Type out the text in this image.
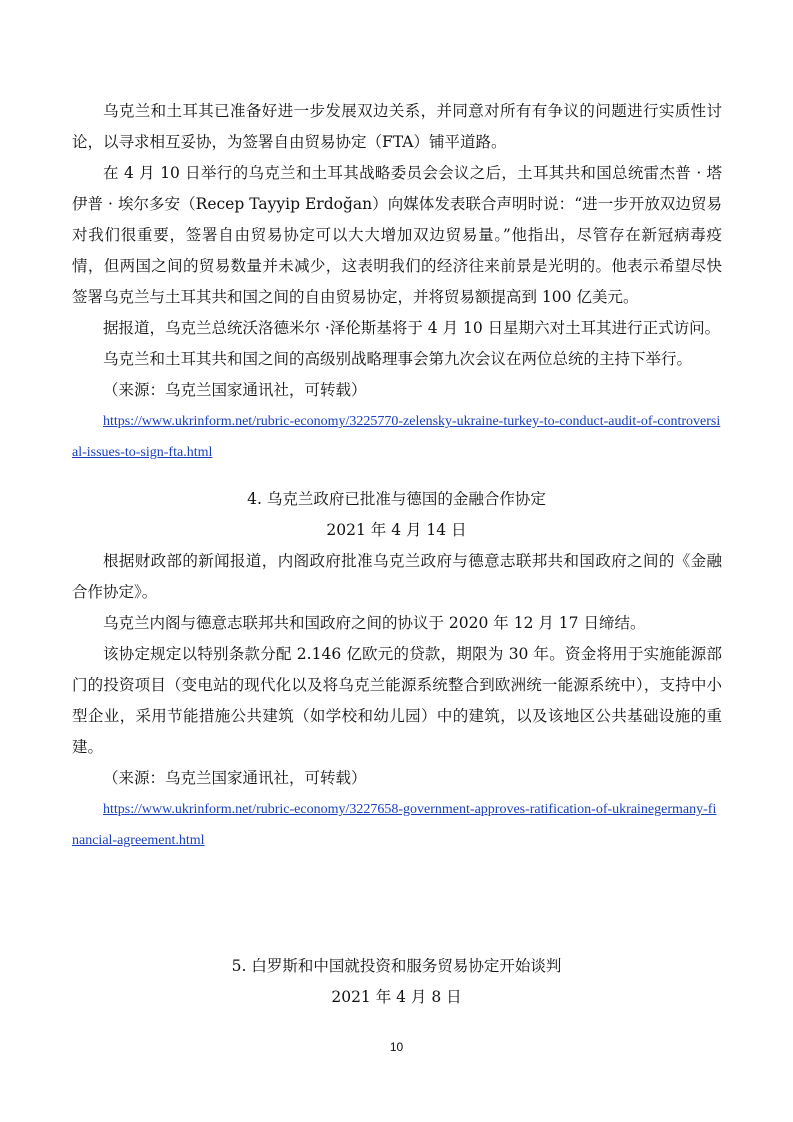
乌克兰和土耳其已准备好进一步发展双边关系，并同意对所有有争议的问题进行实质性讨论，以寻求相互妥协，为签署自由贸易协定（FTA）铺平道路。

在 4 月 10 日举行的乌克兰和土耳其战略委员会会议之后，土耳其共和国总统雷杰普 · 塔伊普 · 埃尔多安（Recep Tayyip Erdoğan）向媒体发表联合声明时说：“进一步开放双边贸易对我们很重要，签署自由贸易协定可以大大增加双边贸易量。”他指出，尽管存在新冠病毒疫情，但两国之间的贸易数量并未减少，这表明我们的经济往来前景是光明的。他表示希望尽快签署乌克兰与土耳其共和国之间的自由贸易协定，并将贸易额提高到 100 亿美元。

据报道，乌克兰总统沃洛德米尔 ·泽伦斯基将于 4 月 10 日星期六对土耳其进行正式访问。

乌克兰和土耳其共和国之间的高级别战略理事会第九次会议在两位总统的主持下举行。

（来源：乌克兰国家通讯社，可转载）

https://www.ukrinform.net/rubric-economy/3225770-zelensky-ukraine-turkey-to-conduct-audit-of-controversial-issues-to-sign-fta.html

4. 乌克兰政府已批准与德国的金融合作协定

2021 年 4 月 14 日

根据财政部的新闻报道，内阁政府批准乌克兰政府与德意志联邦共和国政府之间的《金融合作协定》。

乌克兰内阁与德意志联邦共和国政府之间的协议于 2020 年 12 月 17 日缔结。

该协定规定以特别条款分配 2.146 亿欧元的贷款，期限为 30 年。资金将用于实施能源部门的投资项目（变电站的现代化以及将乌克兰能源系统整合到欧洲统一能源系统中），支持中小型企业，采用节能措施公共建筑（如学校和幼儿园）中的建筑，以及该地区公共基础设施的重建。

（来源：乌克兰国家通讯社，可转载）

https://www.ukrinform.net/rubric-economy/3227658-government-approves-ratification-of-ukrainegermany-financial-agreement.html

5. 白罗斯和中国就投资和服务贸易协定开始谈判

2021 年 4 月 8 日

10
